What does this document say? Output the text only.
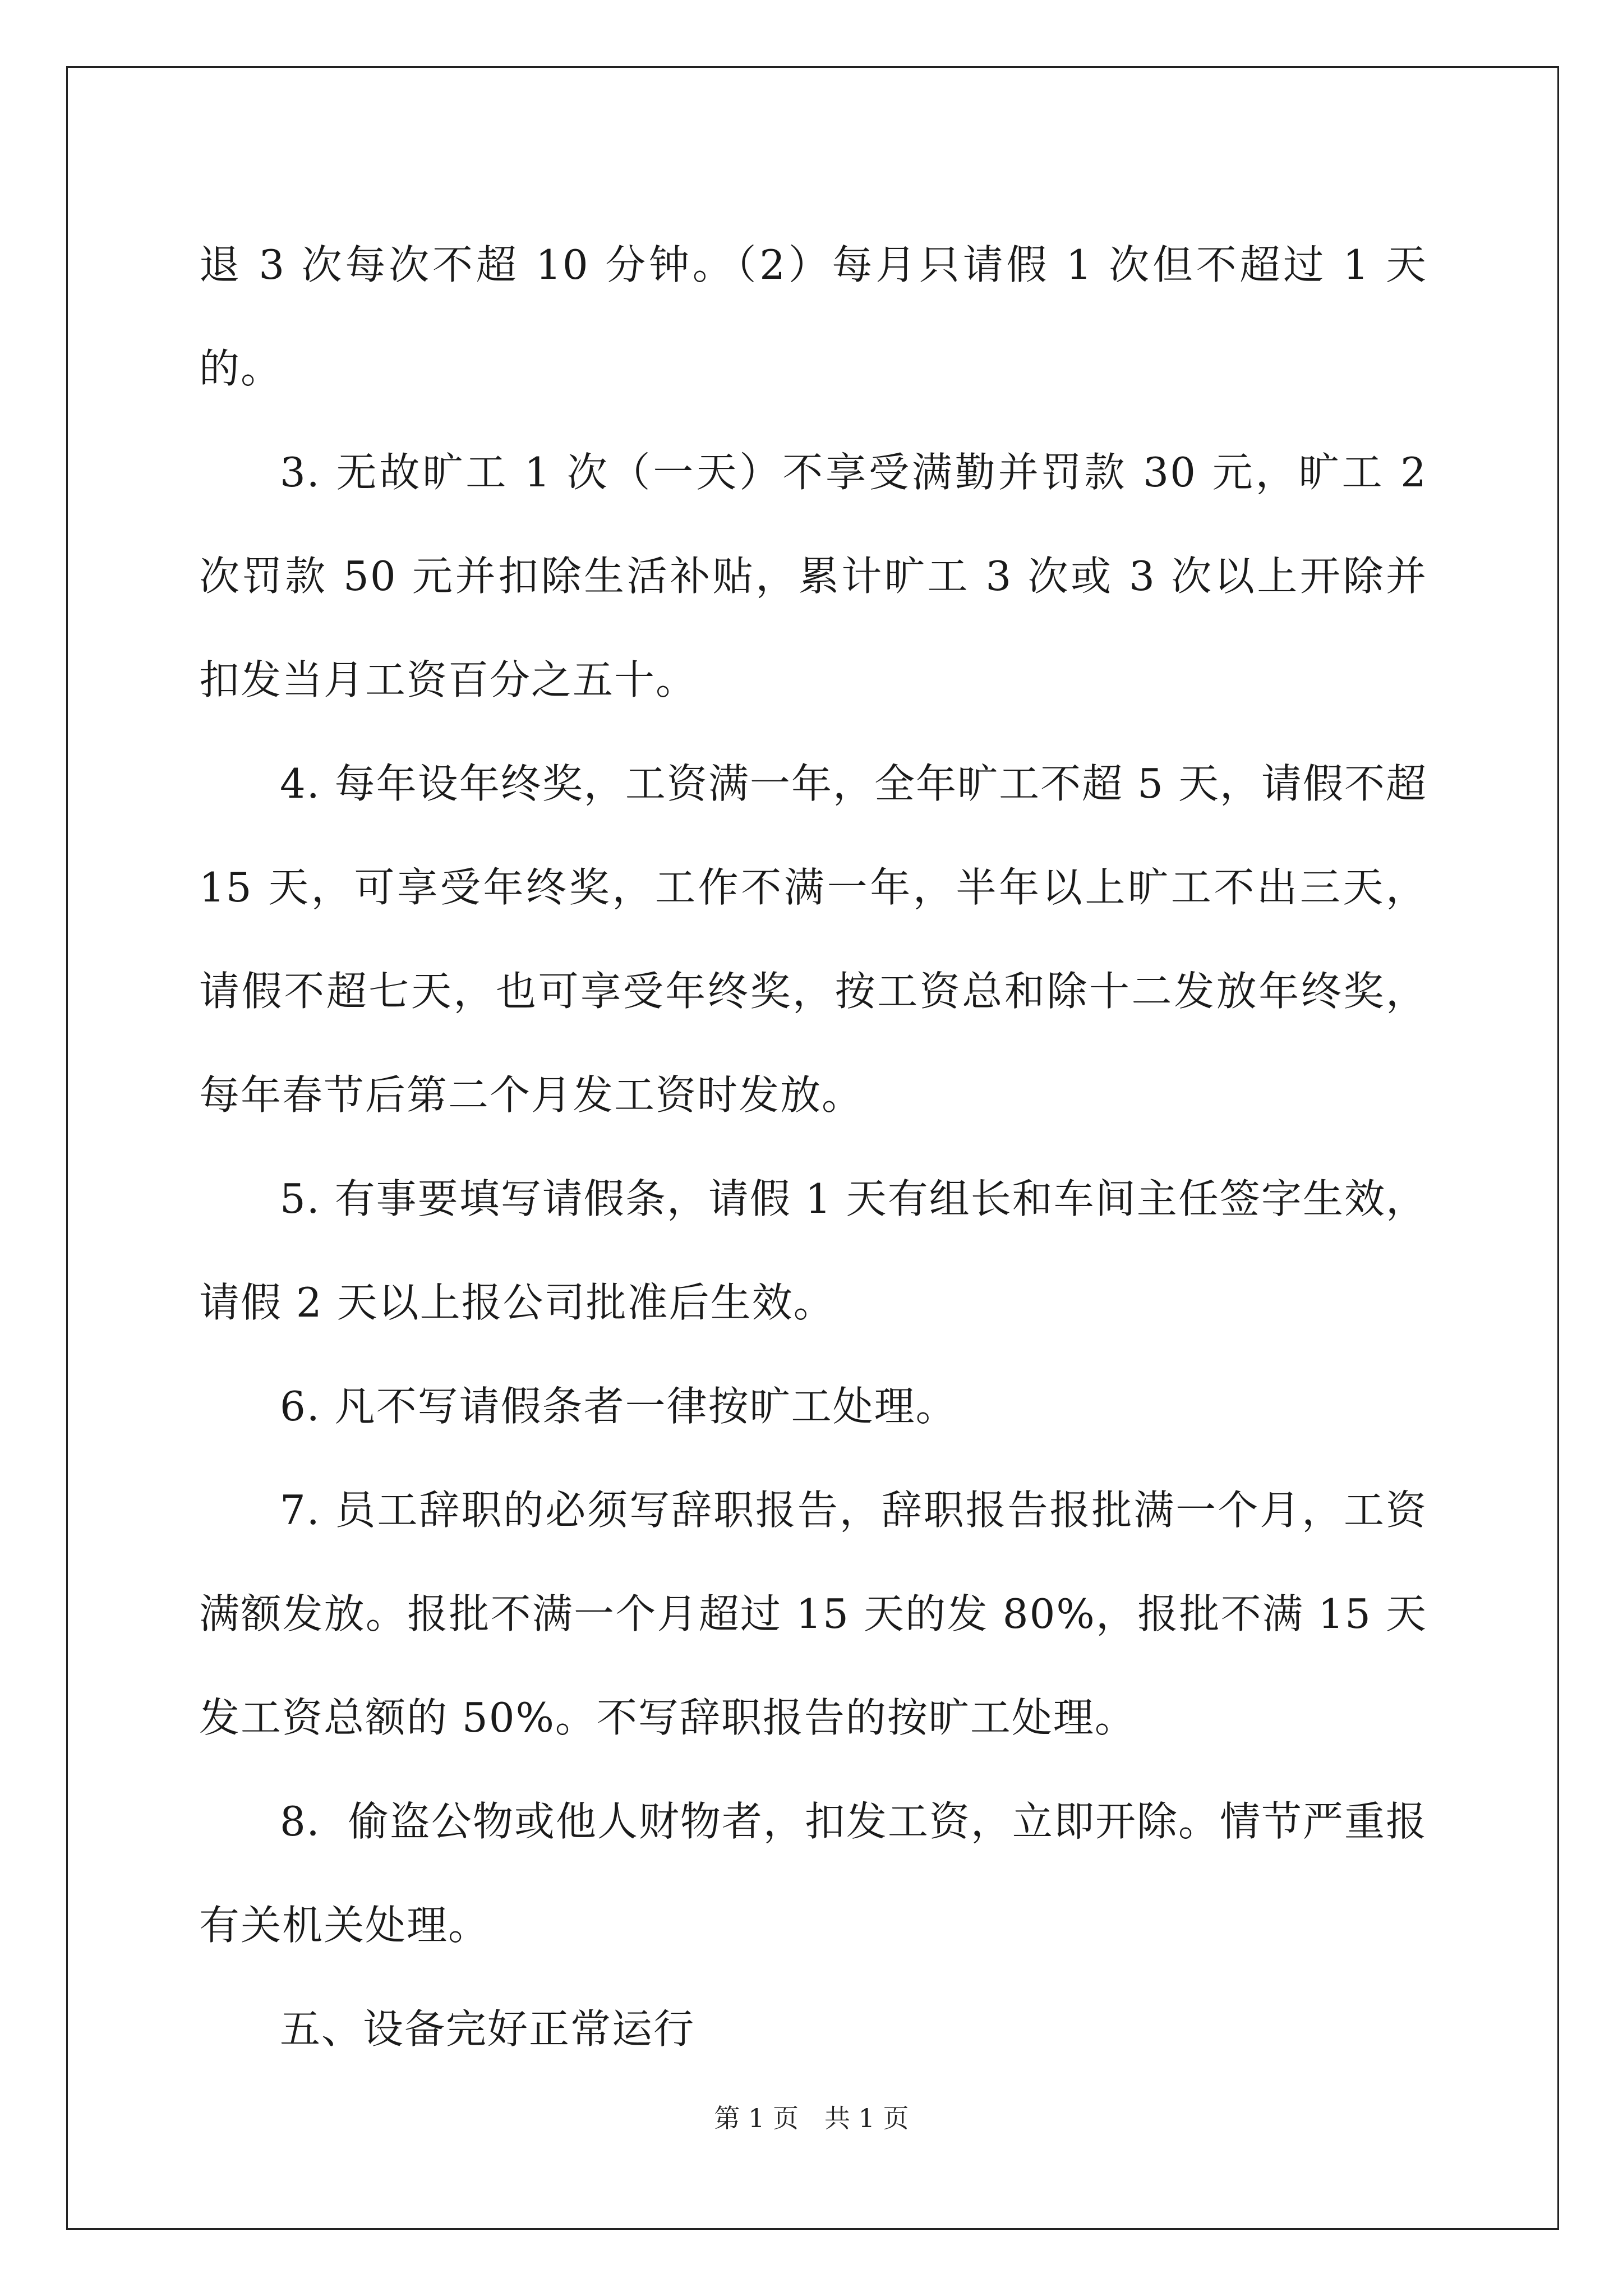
退 3 次每次不超 10 分钟。（2）每月只请假 1 次但不超过 1 天的。

3. 无故旷工 1 次（一天）不享受满勤并罚款 30 元，旷工 2 次罚款 50 元并扣除生活补贴，累计旷工 3 次或 3 次以上开除并扣发当月工资百分之五十。

4. 每年设年终奖，工资满一年，全年旷工不超 5 天，请假不超 15 天，可享受年终奖，工作不满一年，半年以上旷工不出三天，请假不超七天，也可享受年终奖，按工资总和除十二发放年终奖，每年春节后第二个月发工资时发放。

5. 有事要填写请假条，请假 1 天有组长和车间主任签字生效，请假 2 天以上报公司批准后生效。

6. 凡不写请假条者一律按旷工处理。

7. 员工辞职的必须写辞职报告，辞职报告报批满一个月，工资满额发放。报批不满一个月超过 15 天的发 80%，报批不满 15 天发工资总额的 50%。不写辞职报告的按旷工处理。

8．偷盗公物或他人财物者，扣发工资，立即开除。情节严重报有关机关处理。

五、设备完好正常运行

第 1 页　共 1 页
